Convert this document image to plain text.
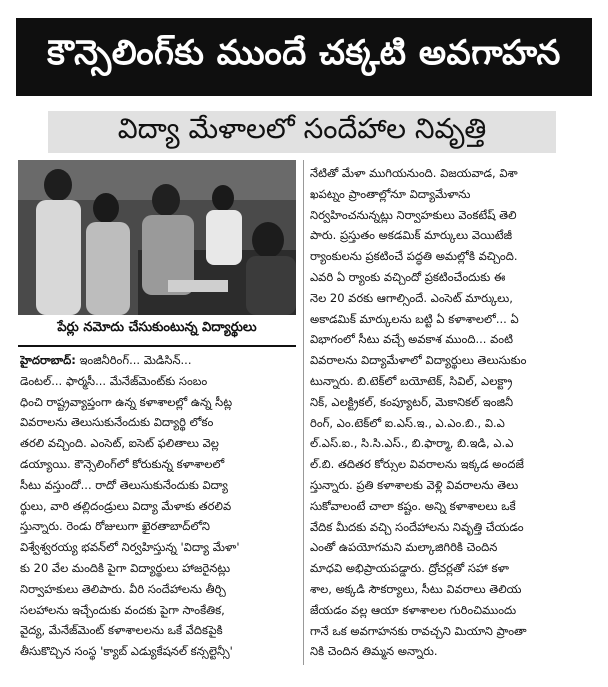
కౌన్సెలింగ్‌కు ముందే చక్కటి అవగాహన
విద్యా మేళాలలో సందేహాల నివృత్తి
పేర్లు నమోదు చేసుకుంటున్న విద్యార్థులు

హైదరాబాద్: ఇంజినీరింగ్... మెడిసిన్...

డెంటల్... ఫార్మసీ... మేనేజ్‌మెంట్‌కు సంబం

ధించి రాష్ట్రవ్యాప్తంగా ఉన్న కళాశాలల్లో ఉన్న సీట్ల

వివరాలను తెలుసుకునేందుకు విద్యార్థి లోకం

తరలి వచ్చింది. ఎంసెట్, ఐసెట్ ఫలితాలు వెల్ల

డయ్యాయి. కౌన్సెలింగ్‌లో కోరుకున్న కళాశాలలో

సీటు వస్తుందో... రాదో తెలుసుకునేందుకు విద్యా

ర్థులు, వారి తల్లిదండ్రులు విద్యా మేళాకు తరలివ

స్తున్నారు. రెండు రోజులుగా ఖైరతాబాద్‌లోని

విశ్వేశ్వరయ్య భవన్‌లో నిర్వహిస్తున్న 'విద్యా మేళా'

కు 20 వేల మందికి పైగా విద్యార్థులు హాజరైనట్లు

నిర్వాహకులు తెలిపారు. వీరి సందేహాలను తీర్చి

సలహాలను ఇచ్చేందుకు వందకు పైగా సాంకేతిక,

వైద్య, మేనేజ్‌మెంట్ కళాశాలలను ఒకే వేదికపైకి

తీసుకొచ్చిన సంస్థ 'క్యాబ్ ఎడ్యుకేషనల్ కన్సల్టెన్సీ'

నేటితో మేళా ముగియనుంది. విజయవాడ, విశా

ఖపట్నం ప్రాంతాల్లోనూ విద్యామేళాను

నిర్వహించనున్నట్లు నిర్వాహకులు వెంకటేష్ తెలి

పారు. ప్రస్తుతం అకడమిక్ మార్కులు వెయిటేజీ

ర్యాంకులను ప్రకటించే పద్ధతి అమల్లోకి వచ్చింది.

ఎవరి ఏ ర్యాంకు వచ్చిందో ప్రకటించేందుకు ఈ

నెల 20 వరకు ఆగాల్సిందే. ఎంసెట్ మార్కులు,

అకాడమిక్ మార్కులను బట్టి ఏ కళాశాలలో... ఏ

విభాగంలో సీటు వచ్చే అవకాశ ముంది... వంటి

వివరాలను విద్యామేళాలో విద్యార్థులు తెలుసుకుం

టున్నారు. బి.టెక్‌లో బయోటెక్, సివిల్, ఎలక్ట్రా

నిక్, ఎలక్ట్రికల్, కంప్యూటర్, మెకానికల్ ఇంజినీ

రింగ్, ఎం.టెక్‌లో ఐ.ఎస్.ఇ., ఎ.ఎం.బి., వి.ఎ

ల్.ఎస్.ఐ., సి.సి.ఎస్., బి.ఫార్మా, బి.ఇడి, ఎ.ఎ

ల్.బి. తదితర కోర్సుల వివరాలను ఇక్కడ అందజే

స్తున్నారు. ప్రతి కళాశాలకు వెళ్లి వివరాలను తెలు

సుకోవాలంటే చాలా కష్టం. అన్ని కళాశాలలు ఒకే

వేదిక మీదకు వచ్చి సందేహాలను నివృత్తి చేయడం

ఎంతో ఉపయోగమని మల్కాజిగిరికి చెందిన

మాధవి అభిప్రాయపడ్డారు. ద్రోచర్లతో సహా కళా

శాల, అక్కడి సౌకర్యాలు, సీటు వివరాలు తెలియ

జేయడం వల్ల ఆయా కళాశాలల గురించిముందు

గానే ఒక అవగాహనకు రావచ్చని మియాని ప్రాంతా

నికి చెందిన తిమ్మన అన్నారు.
